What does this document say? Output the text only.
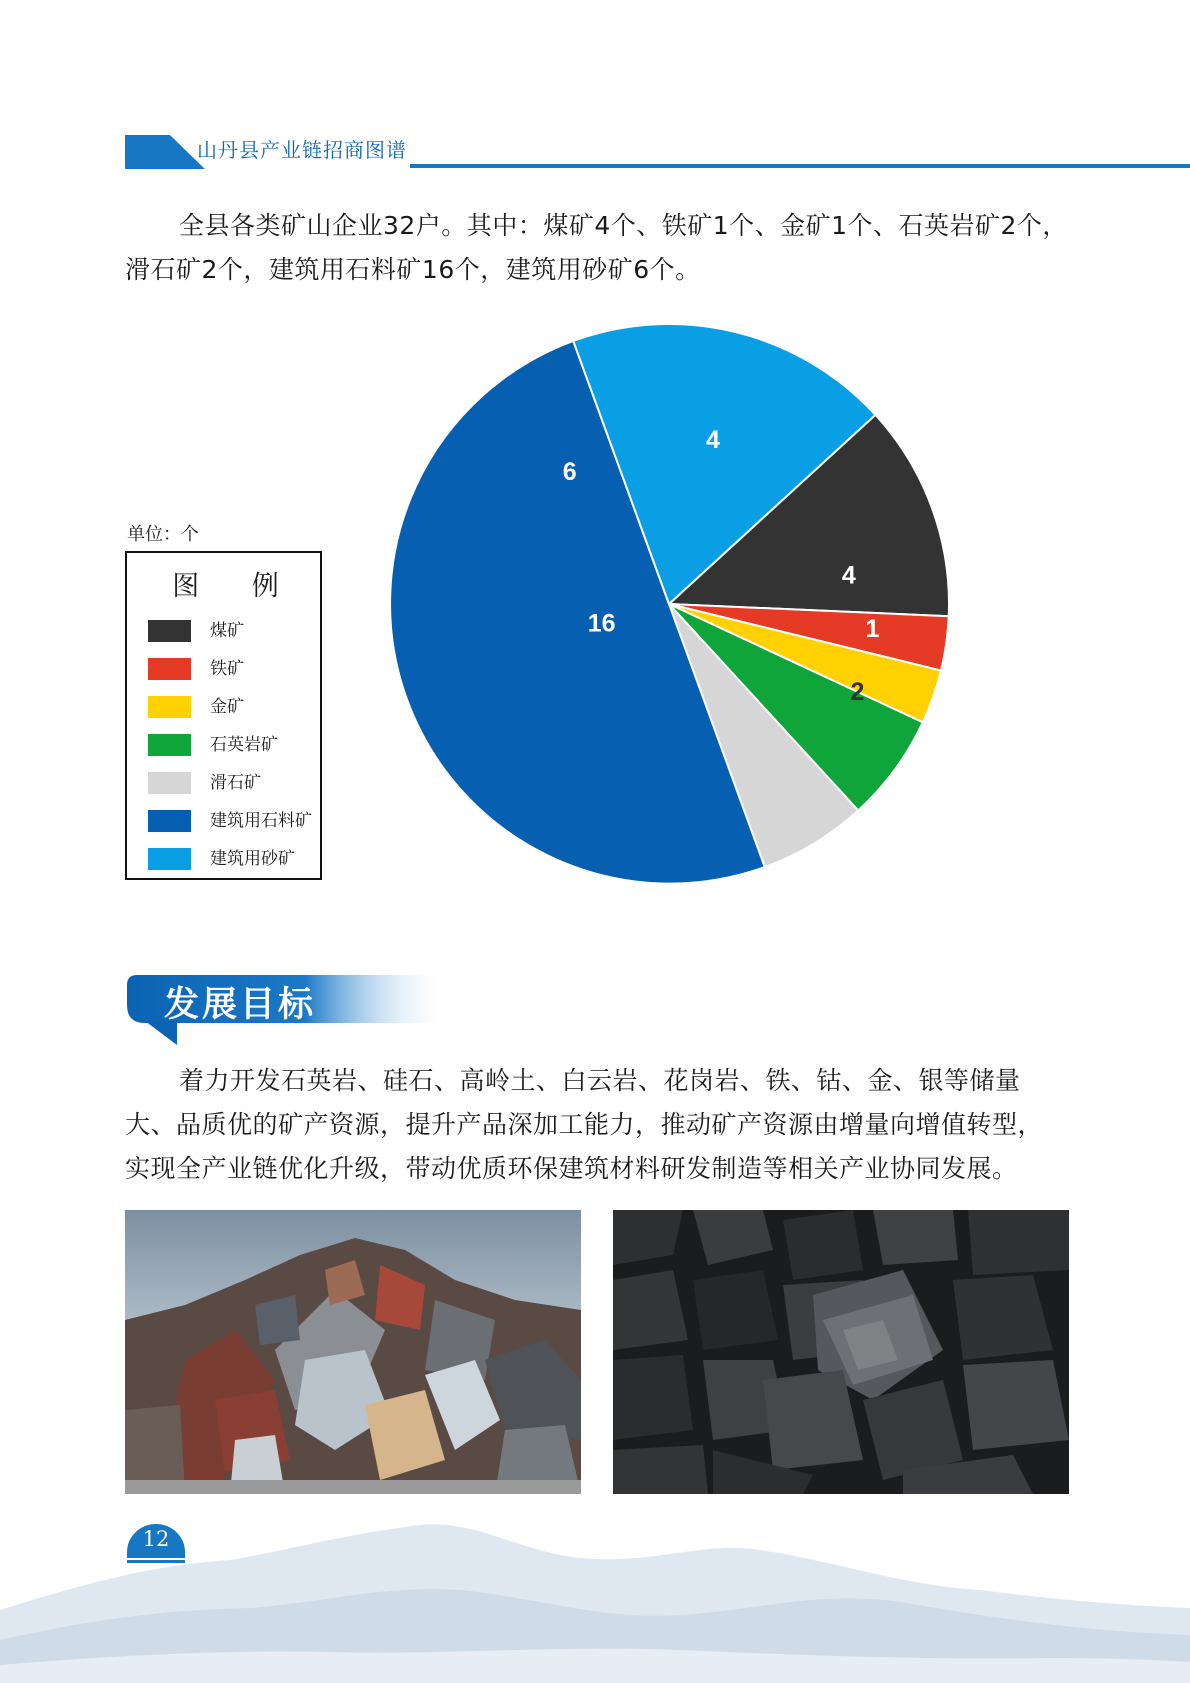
山丹县产业链招商图谱
全县各类矿山企业32户。其中：煤矿4个、铁矿1个、金矿1个、石英岩矿2个，
滑石矿2个，建筑用石料矿16个，建筑用砂矿6个。
单位：个
图 例
煤矿
铁矿
金矿
石英岩矿
滑石矿
建筑用石料矿
建筑用砂矿
4
1
2
16
6
4
发展目标
着力开发石英岩、硅石、高岭土、白云岩、花岗岩、铁、钴、金、银等储量
大、品质优的矿产资源，提升产品深加工能力，推动矿产资源由增量向增值转型，
实现全产业链优化升级，带动优质环保建筑材料研发制造等相关产业协同发展。
12
